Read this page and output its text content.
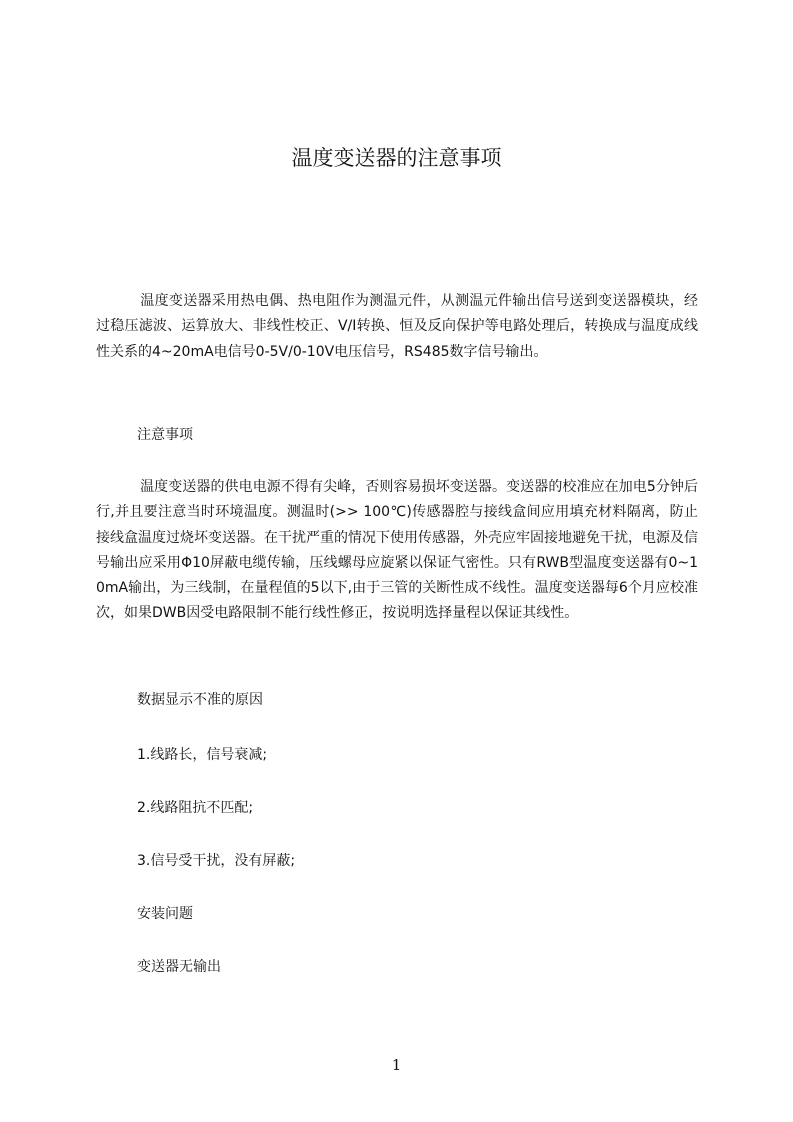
温度变送器的注意事项

温度变送器采用热电偶、热电阻作为测温元件，从测温元件输出信号送到变送器模块，经过稳压滤波、运算放大、非线性校正、V/I转换、恒及反向保护等电路处理后，转换成与温度成线性关系的4~20mA电信号0-5V/0-10V电压信号，RS485数字信号输出。

注意事项

温度变送器的供电电源不得有尖峰，否则容易损坏变送器。变送器的校准应在加电5分钟后行,并且要注意当时环境温度。测温时(>> 100℃)传感器腔与接线盒间应用填充材料隔离，防止接线盒温度过烧坏变送器。在干扰严重的情况下使用传感器，外壳应牢固接地避免干扰，电源及信号输出应采用Φ10屏蔽电缆传输，压线螺母应旋紧以保证气密性。只有RWB型温度变送器有0~10mA输出，为三线制，在量程值的5以下,由于三管的关断性成不线性。温度变送器每6个月应校准次，如果DWB因受电路限制不能行线性修正，按说明选择量程以保证其线性。

数据显示不准的原因
1.线路长，信号衰减;
2.线路阻抗不匹配;
3.信号受干扰，没有屏蔽;
安装问题
变送器无输出
1
